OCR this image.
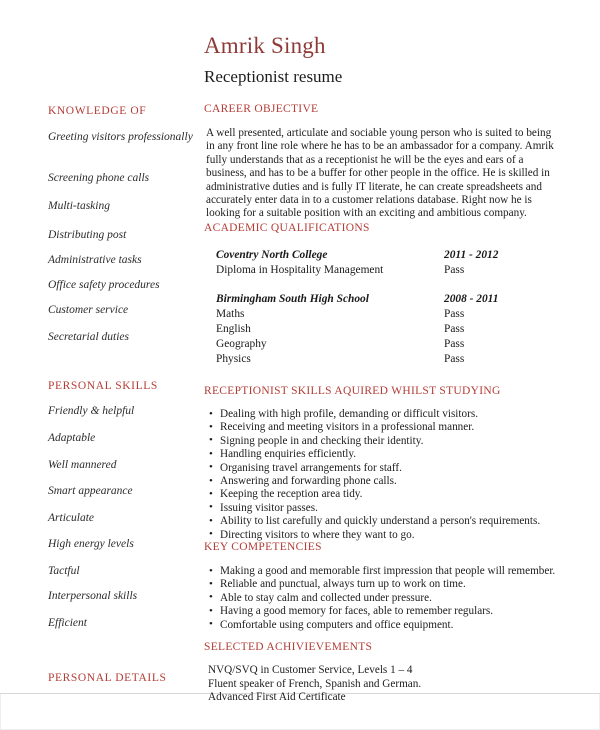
KNOWLEDGE OF
Greeting visitors professionally
Screening phone calls
Multi-tasking
Distributing post
Administrative tasks
Office safety procedures
Customer service
Secretarial duties
PERSONAL SKILLS
Friendly & helpful
Adaptable
Well mannered
Smart appearance
Articulate
High energy levels
Tactful
Interpersonal skills
Efficient
PERSONAL DETAILS
Amrik Singh
Receptionist resume
CAREER OBJECTIVE
A well presented, articulate and sociable young person who is suited to being in any front line role where he has to be an ambassador for a company. Amrik fully understands that as a receptionist he will be the eyes and ears of a business, and has to be a buffer for other people in the office. He is skilled in administrative duties and is fully IT literate, he can create spreadsheets and accurately enter data in to a customer relations database. Right now he is looking for a suitable position with an exciting and ambitious company.
ACADEMIC QUALIFICATIONS
Coventry North College	2011 - 2012
Diploma in Hospitality Management	Pass
Birmingham South High School	2008 - 2011
Maths	Pass
English	Pass
Geography	Pass
Physics	Pass
RECEPTIONIST SKILLS AQUIRED WHILST STUDYING
• Dealing with high profile, demanding or difficult visitors.
• Receiving and meeting visitors in a professional manner.
• Signing people in and checking their identity.
• Handling enquiries efficiently.
• Organising travel arrangements for staff.
• Answering and forwarding phone calls.
• Keeping the reception area tidy.
• Issuing visitor passes.
• Ability to list carefully and quickly understand a person's requirements.
• Directing visitors to where they want to go.
KEY COMPETENCIES
• Making a good and memorable first impression that people will remember.
• Reliable and punctual, always turn up to work on time.
• Able to stay calm and collected under pressure.
• Having a good memory for faces, able to remember regulars.
• Comfortable using computers and office equipment.
SELECTED ACHIVIEVEMENTS
NVQ/SVQ in Customer Service, Levels 1 – 4
Fluent speaker of French, Spanish and German.
Advanced First Aid Certificate
